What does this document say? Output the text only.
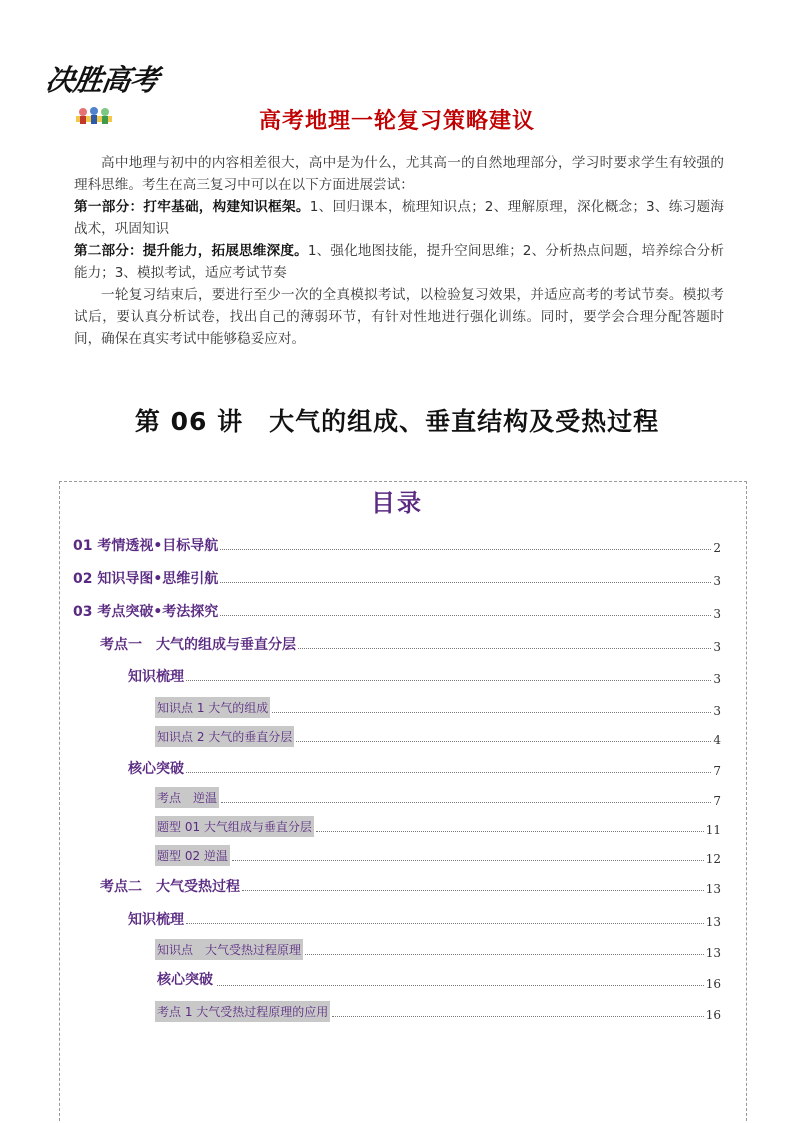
决胜高考
高考地理一轮复习策略建议

高中地理与初中的内容相差很大，高中是为什么，尤其高一的自然地理部分，学习时要求学生有较强的理科思维。考生在高三复习中可以在以下方面进展尝试：

第一部分：打牢基础，构建知识框架。1、回归课本，梳理知识点；2、理解原理，深化概念；3、练习题海战术，巩固知识

第二部分：提升能力，拓展思维深度。1、强化地图技能，提升空间思维；2、分析热点问题，培养综合分析能力；3、模拟考试，适应考试节奏

一轮复习结束后，要进行至少一次的全真模拟考试，以检验复习效果，并适应高考的考试节奏。模拟考试后，要认真分析试卷，找出自己的薄弱环节，有针对性地进行强化训练。同时，要学会合理分配答题时间，确保在真实考试中能够稳妥应对。

第 06 讲　大气的组成、垂直结构及受热过程
目录
01 考情透视•目标导航	2
02 知识导图•思维引航	3
03 考点突破•考法探究	3
考点一　大气的组成与垂直分层	3
知识梳理	3
知识点 1 大气的组成	3
知识点 2 大气的垂直分层	4
核心突破	7
考点　逆温	7
题型 01 大气组成与垂直分层	11
题型 02 逆温	12
考点二　大气受热过程	13
知识梳理	13
知识点　大气受热过程原理	13
核心突破	16
考点 1 大气受热过程原理的应用	16
